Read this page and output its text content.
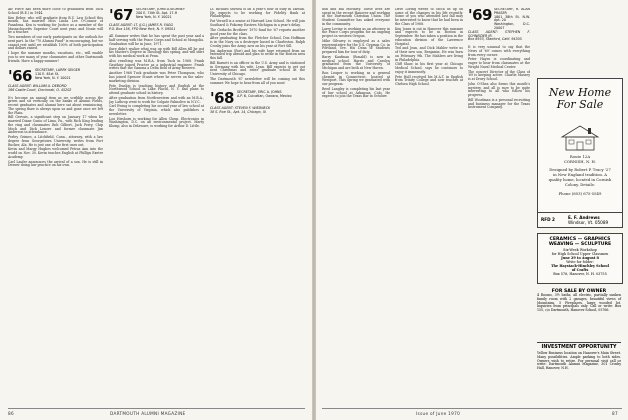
Air Force has been more close to graduated from Tuck School (B.E.) in 1944.

Ken Reber, who will graduate from B.U. Law School this month, has married Miss Linda Lee O'Connor of Pasadena. Ken is working for Justice as a member of the Massachusetts Superior Court next year, and Nonie will be a teacher.

Two members of our early participants on the outlook for next part. In the "70 Alumni Fund" is encouraging, but we cannot rest until we establish 100% of both participation and dollars raised.

I hope the summer months, vacations, etc., will enable you to see many of your classmates and other Dartmouth friends. Have a happy summer!

'66 SECRETARY, LARRY GEIGER
110 E. 61st St.
New York, N. Y. 10021
CLASS AGENT: WILLIAM A. DEBORD
166 Castle Court, Cincinnati, O. 45202

It's become an annual item as we scribble across the green and sit vertically on the banks of Alumni Fields, recent graduates and alumni here sat about reminiscing. The spring thaw is always upon us and gone once we left the Plain.

Bill Gervais, a significant step on January 17 when he married Diane Cunio of Lima, Pa., with Rich King lending the ring and classmates Bob Gilbert, Jack Perry, Chip Mock and Dick Lenore and former classmate Jim Anderson in attendance.

Perley Grimes, a Litchfield, Conn., attorney, with a law degree from Georgetown University, writes from Fort Rucker, Ala. He is just one of the first ones out.

Kevin and Margy Hughes welcomed Petras Ann into the world on Nov. 30. Kevin teaches English at Phillips Exeter Academy.

Carl Laufer announces the arrival of a son. He is still in Denver doing law practice on his own.

'67 SECRETARY, JOHN LOUGHNEY
200 E. 74th St. Apt. 17-H
New York, N. Y. 10021
CLASS AGENT: LT. (J.G.) JAMES R. FAGG
P.O. Box 156, FPO New York, N. Y. 09501

All Summer writes that he has spent the past year and a half serving with the Peace Corps and School at Mongolia. Graduation will be in June, 1971.

Sure didn't realize what was up with Bill Allen till he got his Master's Degree in Theology this spring, and will start with his medical work at Penn.

Also resulting was M.B.A. from Tuck in 1968. Frank Gauthier joined Procter as a industrial engineer. Frank writes that the Gamma a Delta field of Army Reserve.

Another 1968 Tuck graduate was Peter Thompson, who has joined Spencer Stuart where he serves on the sales-marketing division.

Pete Dunlop is teaching history and English at the Northwood School in Lake Placid, N. Y. and plans to attend graduate school in history.

After graduation from Northwestern and with an M.B.A., Jay Lathrop went to work for Colgate Palmolive in N.Y.C.

Carl Ewing is completing his second year of law school at the University of Virginia, which also publishes a newsletter.

Lou Hirshorn is working for Allen Chem. Electronics in Washington, D.C. on an environmental project. Marty Klomp, also in Delaware, is working for Arthur D. Little.

Lt. Richard Stilwell is on a year's tour of duty in Taiwan. He expects to be working for Fidelity Bank at Philadelphia.

Pat Vernell is a senior at Harvard Law School. He will join Southard & Pokorny Eastern Michigan in a year's delay.

The Gerlachs Brothers' 1970 fund for '67 reports another good year for the class.

After graduating from the Fletcher School, Don Hoffman is in the Navy on a destroyer based in Charleston. Ralph Crosby joins the Army, now on his year at Fort Sill.

Jim Anderson (Roe) and his wife have returned from an extended trip abroad and plan to settle in the Boston area this fall.

Bill Barnett is an officer in the U.S. Army and is stationed in Germany with his wife, Lynn. Bill expects to get out next Christmas and enter graduate school at the University of Chicago.

The Dartmouth '67 newsletter will be coming out this summer. We hope to hear from all of you soon!

'68 SECRETARY, ERIC A. JOHNS
A.P. 6, Cuicatlan, Oaxaca, Mexico
CLASS AGENT: STEVEN F. WIEDNECK
38 S. Roe St., Apt. 14, Chicago, Ill.
86	DARTMOUTH ALUMNI MAGAZINE

don and Bill Moriarty. These lives are spent in the recent Hanover and working in the Dartmouth Christian Union. The Student Committee has asked everyone in the community.

Larry Levine is working as an attorney in the Peace Corps program for an ongoing project in western Oregon.

Mike Gilvarry is employed as a sales representative for the U.S. Gypsum Co. in Portland, Ore. His Dean of Students prepared him for tour of duty.

Barry Kaufman (Ronald) is now in medical school. Harris and Carolyn graduated from the University of Michigan and are both at New Haven.

Ron Leaper is working as a general chemist in Connecticut, located at Westport. This Spring we graduated with our program.

Reed Langley is completing his last year of law school at Arkansas, Colo. He expects to join the Texas Bar in October.

Dave Loring writes to catch us up on some of the changes in his life recently. Some of you who attended last fall may be interested to know that he had been in the Class of 1968.

Ken Jones is out in Hanover this summer and expects to be in Boston in September. He has taken a position in the education division of the Lawrence Hospital.

Ted and Jean, and Dick Mahler write us of their new son, Benjamin. He was born on February 9th. The Mahlers are living in Philadelphia.

Cliff Shaw, in his first year at Chicago Medical School, says he continues to enjoy it immensely.

Pete Hull received his M.A.T. in English from Trinity College and now teaches at Chelsea High School.

'69 SECRETARY, R. ALAN PRASER
1801 38th St. N.W. Apt. 20
Washington, D.C. 20007
CLASS AGENT: STEPHEN F. SCHNEIDER JR.
Box 6933, Stanford, Calif. 94305

It is very unusual to say that the News of '69' comes with everything from every corner.

Peter Hayes is coordinating and eager to hear from classmates at the Wright Naval Medical Center.

The concert Director of the Class of '69 is keeping active. Charlie Massey is at Drury School.

John O'Shea also forms this month's mystery, and all is sure to be quite interesting to all who follow his progress.

Bill Woodman is a personal recruiting and business manager for the Texas Instrument Company.

Issue of June 1970	87
New Home
For Sale
Route 12A
CORNISH, N. H.
Designed by Robert P. Tracy '27
in New England tradition. A
quality home, located in Cornish
Colony. Details:
Phone (603) 675-5549
RFD 2	E. F. Andrews
Windsor, Vt. 05089
CERAMICS — GRAPHICS
WEAVING — SCULPTURE
Six-Week Workshop
for High School Upper Classmen
June 29 to August 8
Write for folder:
The Haystack-Hinchley School
of Crafts
Box 576, Hanover, N. H. 03755
FOR SALE BY OWNER
4 Rooms, 3½ baths, all electric, partially sunken family room with 2 garages, beautiful views of Mountains. 5 Fireplaces, large wooded lot. Inquiries from principals only. Call or write: Box 155, c/o Dartmouth, Hanover School, 05766.
INVESTMENT OPPORTUNITY
Yellow Business location on Hanover's Main Street. Many possibilities. Ample parking to both sides. Owners wish to retire. For personal visit call or write: Dartmouth Alumni Magazine, 301 Crosby Hall, Hanover, N.H.
